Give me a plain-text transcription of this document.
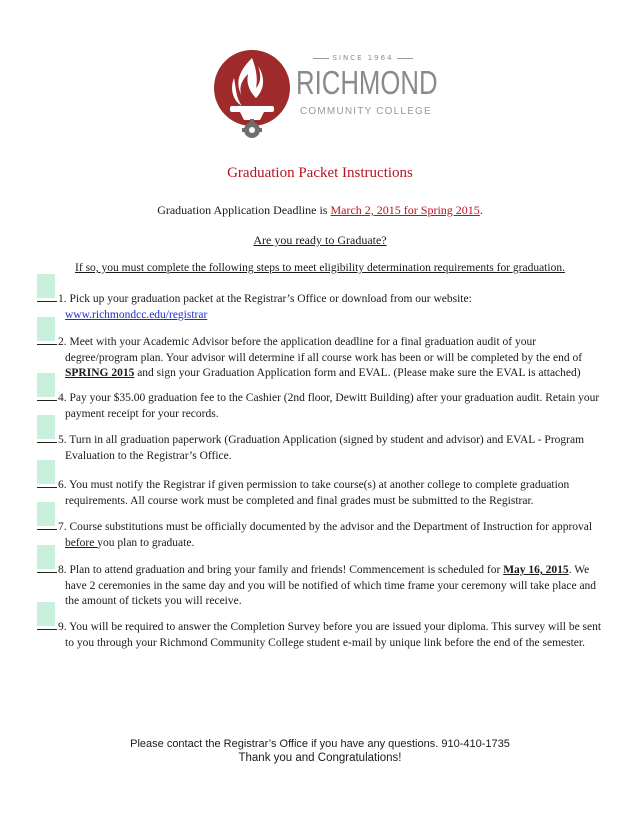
SINCE 1964
RICHMOND
COMMUNITY COLLEGE
Graduation Packet Instructions
Graduation Application Deadline is March 2, 2015 for Spring 2015.
Are you ready to Graduate?
If so, you must complete the following steps to meet eligibility determination requirements for graduation.
1. Pick up your graduation packet at the Registrar’s Office or download from our website:
www.richmondcc.edu/registrar
2. Meet with your Academic Advisor before the application deadline for a final graduation audit of your
degree/program plan. Your advisor will determine if all course work has been or will be completed by the end of
SPRING 2015 and sign your Graduation Application form and EVAL. (Please make sure the EVAL is attached)
4. Pay your $35.00 graduation fee to the Cashier (2nd floor, Dewitt Building) after your graduation audit. Retain your
payment receipt for your records.
5. Turn in all graduation paperwork (Graduation Application (signed by student and advisor) and EVAL - Program
Evaluation to the Registrar’s Office.
6. You must notify the Registrar if given permission to take course(s) at another college to complete graduation
requirements. All course work must be completed and final grades must be submitted to the Registrar.
7. Course substitutions must be officially documented by the advisor and the Department of Instruction for approval
before you plan to graduate.
8. Plan to attend graduation and bring your family and friends! Commencement is scheduled for May 16, 2015. We
have 2 ceremonies in the same day and you will be notified of which time frame your ceremony will take place and
the amount of tickets you will receive.
9. You will be required to answer the Completion Survey before you are issued your diploma. This survey will be sent
to you through your Richmond Community College student e-mail by unique link before the end of the semester.
Please contact the Registrar’s Office if you have any questions. 910-410-1735
Thank you and Congratulations!
